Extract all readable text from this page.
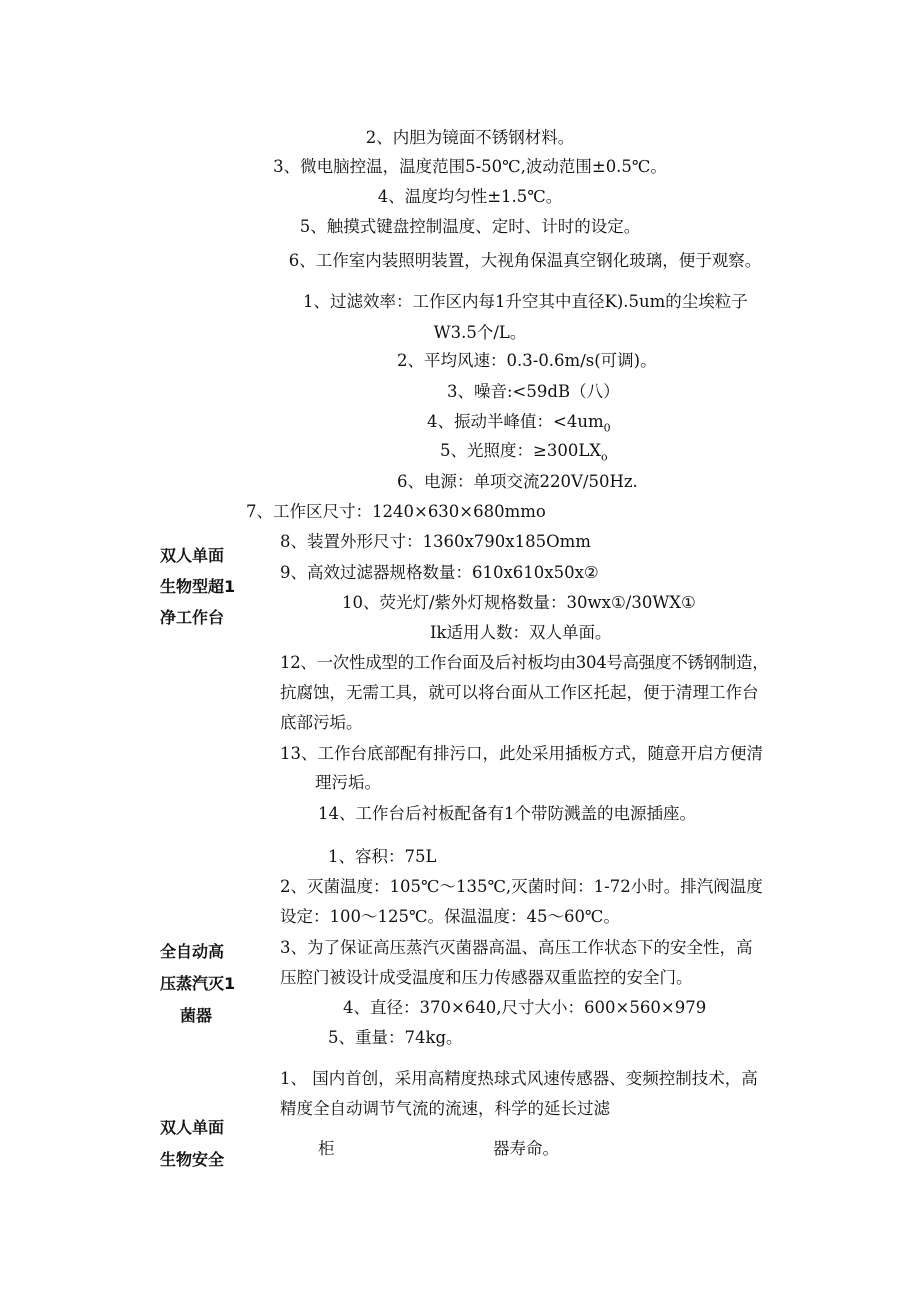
2、内胆为镜面不锈钢材料。
3、微电脑控温，温度范围5-50℃,波动范围±0.5℃。
4、温度均匀性±1.5℃。
5、触摸式键盘控制温度、定时、计时的设定。
6、工作室内装照明装置，大视角保温真空钢化玻璃，便于观察。
双人单面
生物型超1
净工作台
1、过滤效率：工作区内每1升空其中直径K).5um的尘埃粒子
W3.5个/L。
2、平均风速：0.3-0.6m∕s(可调)。
3、噪音:<59dB（八）
4、振动半峰值：$<4um_0$
5、光照度：$\ge 300LX_o$
6、电源：单项交流220V∕50Hz.
7、工作区尺寸：1240×630×680mmo
8、装置外形尺寸：1360x790x185Omm
9、高效过滤器规格数量：610x610x50x②
10、荧光灯/紫外灯规格数量：30wx①/30WX①
Ik适用人数：双人单面。
12、一次性成型的工作台面及后衬板均由304号高强度不锈钢制造，
抗腐蚀，无需工具，就可以将台面从工作区托起，便于清理工作台
底部污垢。
13、工作台底部配有排污口，此处采用插板方式，随意开启方便清
理污垢。
14、工作台后衬板配备有1个带防溅盖的电源插座。
全自动高
压蒸汽灭1
菌器
1、容积：75L
2、灭菌温度：105℃～135℃,灭菌时间：1-72小时。排汽阀温度
设定：100～125℃。保温温度：45～60℃。
3、为了保证高压蒸汽灭菌器高温、高压工作状态下的安全性，高
压腔门被设计成受温度和压力传感器双重监控的安全门。
4、直径：370×640,尺寸大小：600×560×979
5、重量：74kg。
双人单面
生物安全
1、 国内首创，采用高精度热球式风速传感器、变频控制技术，高
精度全自动调节气流的流速，科学的延长过滤
柜	器寿命。
